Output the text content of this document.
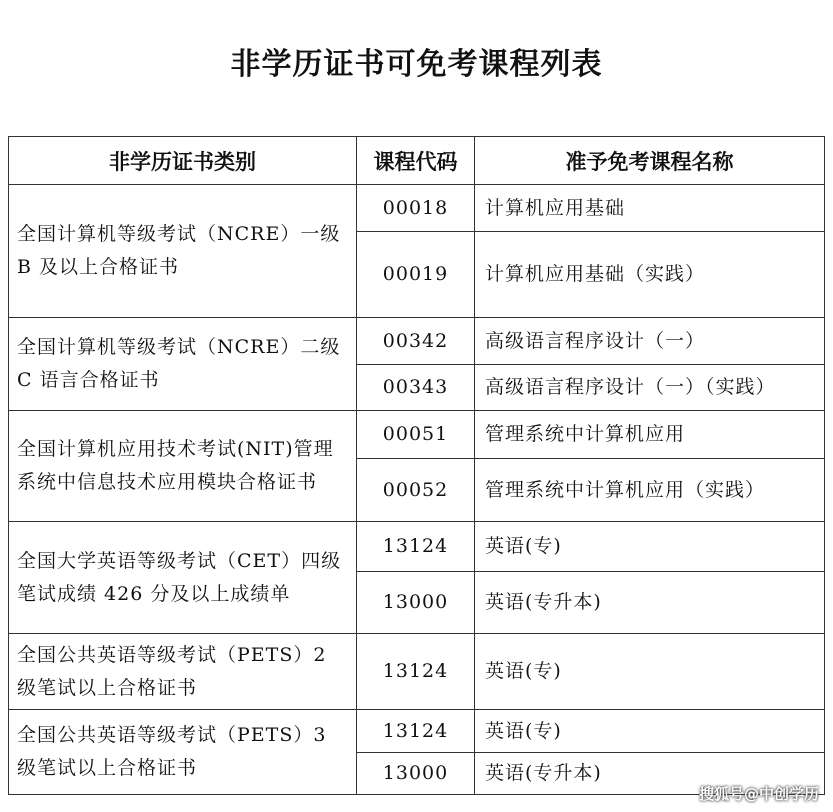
非学历证书可免考课程列表
非学历证书类别	课程代码	准予免考课程名称
全国计算机等级考试（NCRE）一级 B 及以上合格证书	00018	计算机应用基础
	00019	计算机应用基础（实践）
全国计算机等级考试（NCRE）二级 C 语言合格证书	00342	高级语言程序设计（一）
	00343	高级语言程序设计（一）（实践）
全国计算机应用技术考试(NIT)管理系统中信息技术应用模块合格证书	00051	管理系统中计算机应用
	00052	管理系统中计算机应用（实践）
全国大学英语等级考试（CET）四级笔试成绩 426 分及以上成绩单	13124	英语(专)
	13000	英语(专升本)
全国公共英语等级考试（PETS）2 级笔试以上合格证书	13124	英语(专)
全国公共英语等级考试（PETS）3 级笔试以上合格证书	13124	英语(专)
	13000	英语(专升本)
搜狐号@中创学历
